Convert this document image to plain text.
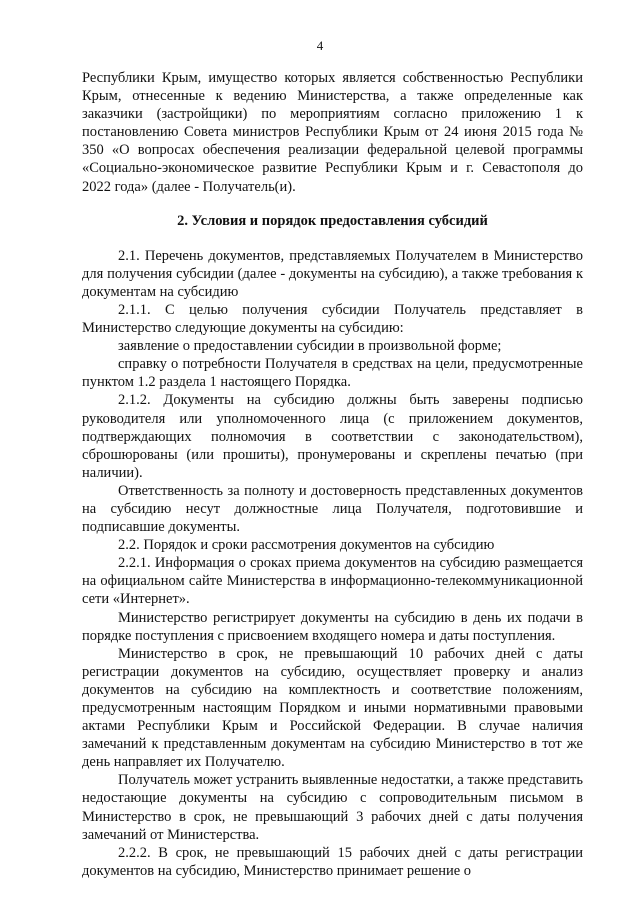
4

Республики Крым, имущество которых является собственностью Республики Крым, отнесенные к ведению Министерства, а также определенные как заказчики (застройщики) по мероприятиям согласно приложению 1 к постановлению Совета министров Республики Крым от 24 июня 2015 года № 350 «О вопросах обеспечения реализации федеральной целевой программы «Социально-экономическое развитие Республики Крым и г. Севастополя до 2022 года» (далее - Получатель(и).

2. Условия и порядок предоставления субсидий

2.1. Перечень документов, представляемых Получателем в Министерство для получения субсидии (далее - документы на субсидию), а также требования к документам на субсидию

2.1.1. С целью получения субсидии Получатель представляет в Министерство следующие документы на субсидию:

заявление о предоставлении субсидии в произвольной форме;

справку о потребности Получателя в средствах на цели, предусмотренные пунктом 1.2 раздела 1 настоящего Порядка.

2.1.2. Документы на субсидию должны быть заверены подписью руководителя или уполномоченного лица (с приложением документов, подтверждающих полномочия в соответствии с законодательством), сброшюрованы (или прошиты), пронумерованы и скреплены печатью (при наличии).

Ответственность за полноту и достоверность представленных документов на субсидию несут должностные лица Получателя, подготовившие и подписавшие документы.

2.2. Порядок и сроки рассмотрения документов на субсидию

2.2.1. Информация о сроках приема документов на субсидию размещается на официальном сайте Министерства в информационно-телекоммуникационной сети «Интернет».

Министерство регистрирует документы на субсидию в день их подачи в порядке поступления с присвоением входящего номера и даты поступления.

Министерство в срок, не превышающий 10 рабочих дней с даты регистрации документов на субсидию, осуществляет проверку и анализ документов на субсидию на комплектность и соответствие положениям, предусмотренным настоящим Порядком и иными нормативными правовыми актами Республики Крым и Российской Федерации. В случае наличия замечаний к представленным документам на субсидию Министерство в тот же день направляет их Получателю.

Получатель может устранить выявленные недостатки, а также представить недостающие документы на субсидию с сопроводительным письмом в Министерство в срок, не превышающий 3 рабочих дней с даты получения замечаний от Министерства.

2.2.2. В срок, не превышающий 15 рабочих дней с даты регистрации документов на субсидию, Министерство принимает решение о
